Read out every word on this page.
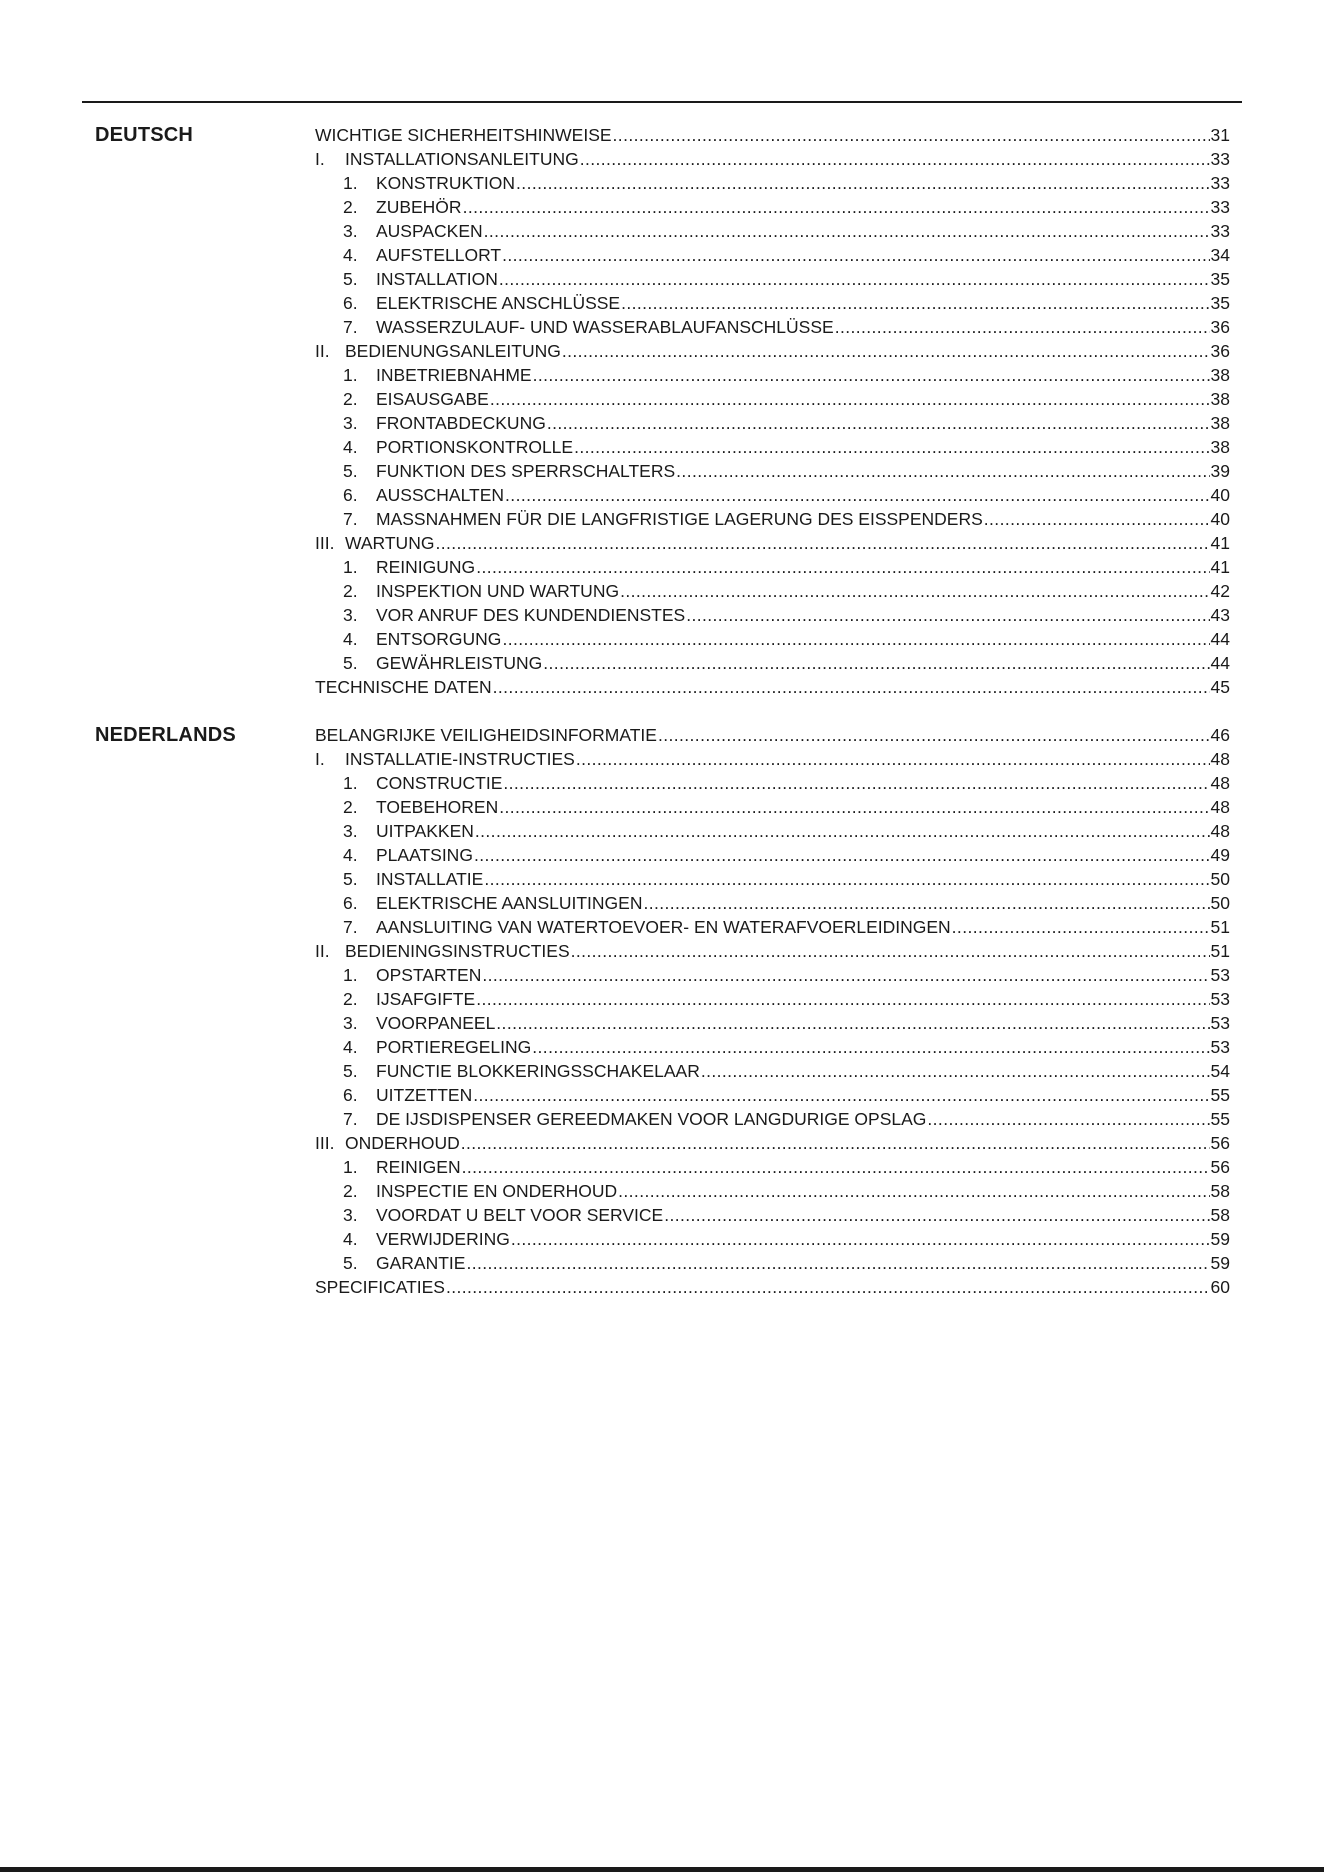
DEUTSCH	WICHTIGE SICHERHEITSHINWEISE .....	31
I.	INSTALLATIONSANLEITUNG .....	33
1.	KONSTRUKTION .....	33
2.	ZUBEHÖR .....	33
3.	AUSPACKEN .....	33
4.	AUFSTELLORT .....	34
5.	INSTALLATION .....	35
6.	ELEKTRISCHE ANSCHLÜSSE .....	35
7.	WASSERZULAUF- UND WASSERABLAUFANSCHLÜSSE .....	36
II. BEDIENUNGSANLEITUNG .....	36
1.	INBETRIEBNAHME .....	38
2.	EISAUSGABE .....	38
3.	FRONTABDECKUNG .....	38
4.	PORTIONSKONTROLLE .....	38
5.	FUNKTION DES SPERRSCHALTERS .....	39
6.	AUSSCHALTEN .....	40
7.	MASSNAHMEN FÜR DIE LANGFRISTIGE LAGERUNG DES EISSPENDERS .....	40
III. WARTUNG .....	41
1.	REINIGUNG .....	41
2.	INSPEKTION UND WARTUNG .....	42
3.	VOR ANRUF DES KUNDENDIENSTES .....	43
4.	ENTSORGUNG .....	44
5.	GEWÄHRLEISTUNG .....	44
TECHNISCHE DATEN .....	45
NEDERLANDS	BELANGRIJKE VEILIGHEIDSINFORMATIE .....	46
I.	INSTALLATIE-INSTRUCTIES .....	48
1.	CONSTRUCTIE .....	48
2.	TOEBEHOREN .....	48
3.	UITPAKKEN .....	48
4.	PLAATSING .....	49
5.	INSTALLATIE .....	50
6.	ELEKTRISCHE AANSLUITINGEN .....	50
7.	AANSLUITING VAN WATERTOEVOER- EN WATERAFVOERLEIDINGEN .....	51
II. BEDIENINGSINSTRUCTIES .....	51
1.	OPSTARTEN .....	53
2.	IJSAFGIFTE .....	53
3.	VOORPANEEL .....	53
4.	PORTIEREGELING .....	53
5.	FUNCTIE BLOKKERINGSSCHAKELAAR .....	54
6.	UITZETTEN .....	55
7.	DE IJSDISPENSER GEREEDMAKEN VOOR LANGDURIGE OPSLAG .....	55
III. ONDERHOUD .....	56
1.	REINIGEN .....	56
2.	INSPECTIE EN ONDERHOUD .....	58
3.	VOORDAT U BELT VOOR SERVICE .....	58
4.	VERWIJDERING .....	59
5.	GARANTIE .....	59
SPECIFICATIES .....	60
